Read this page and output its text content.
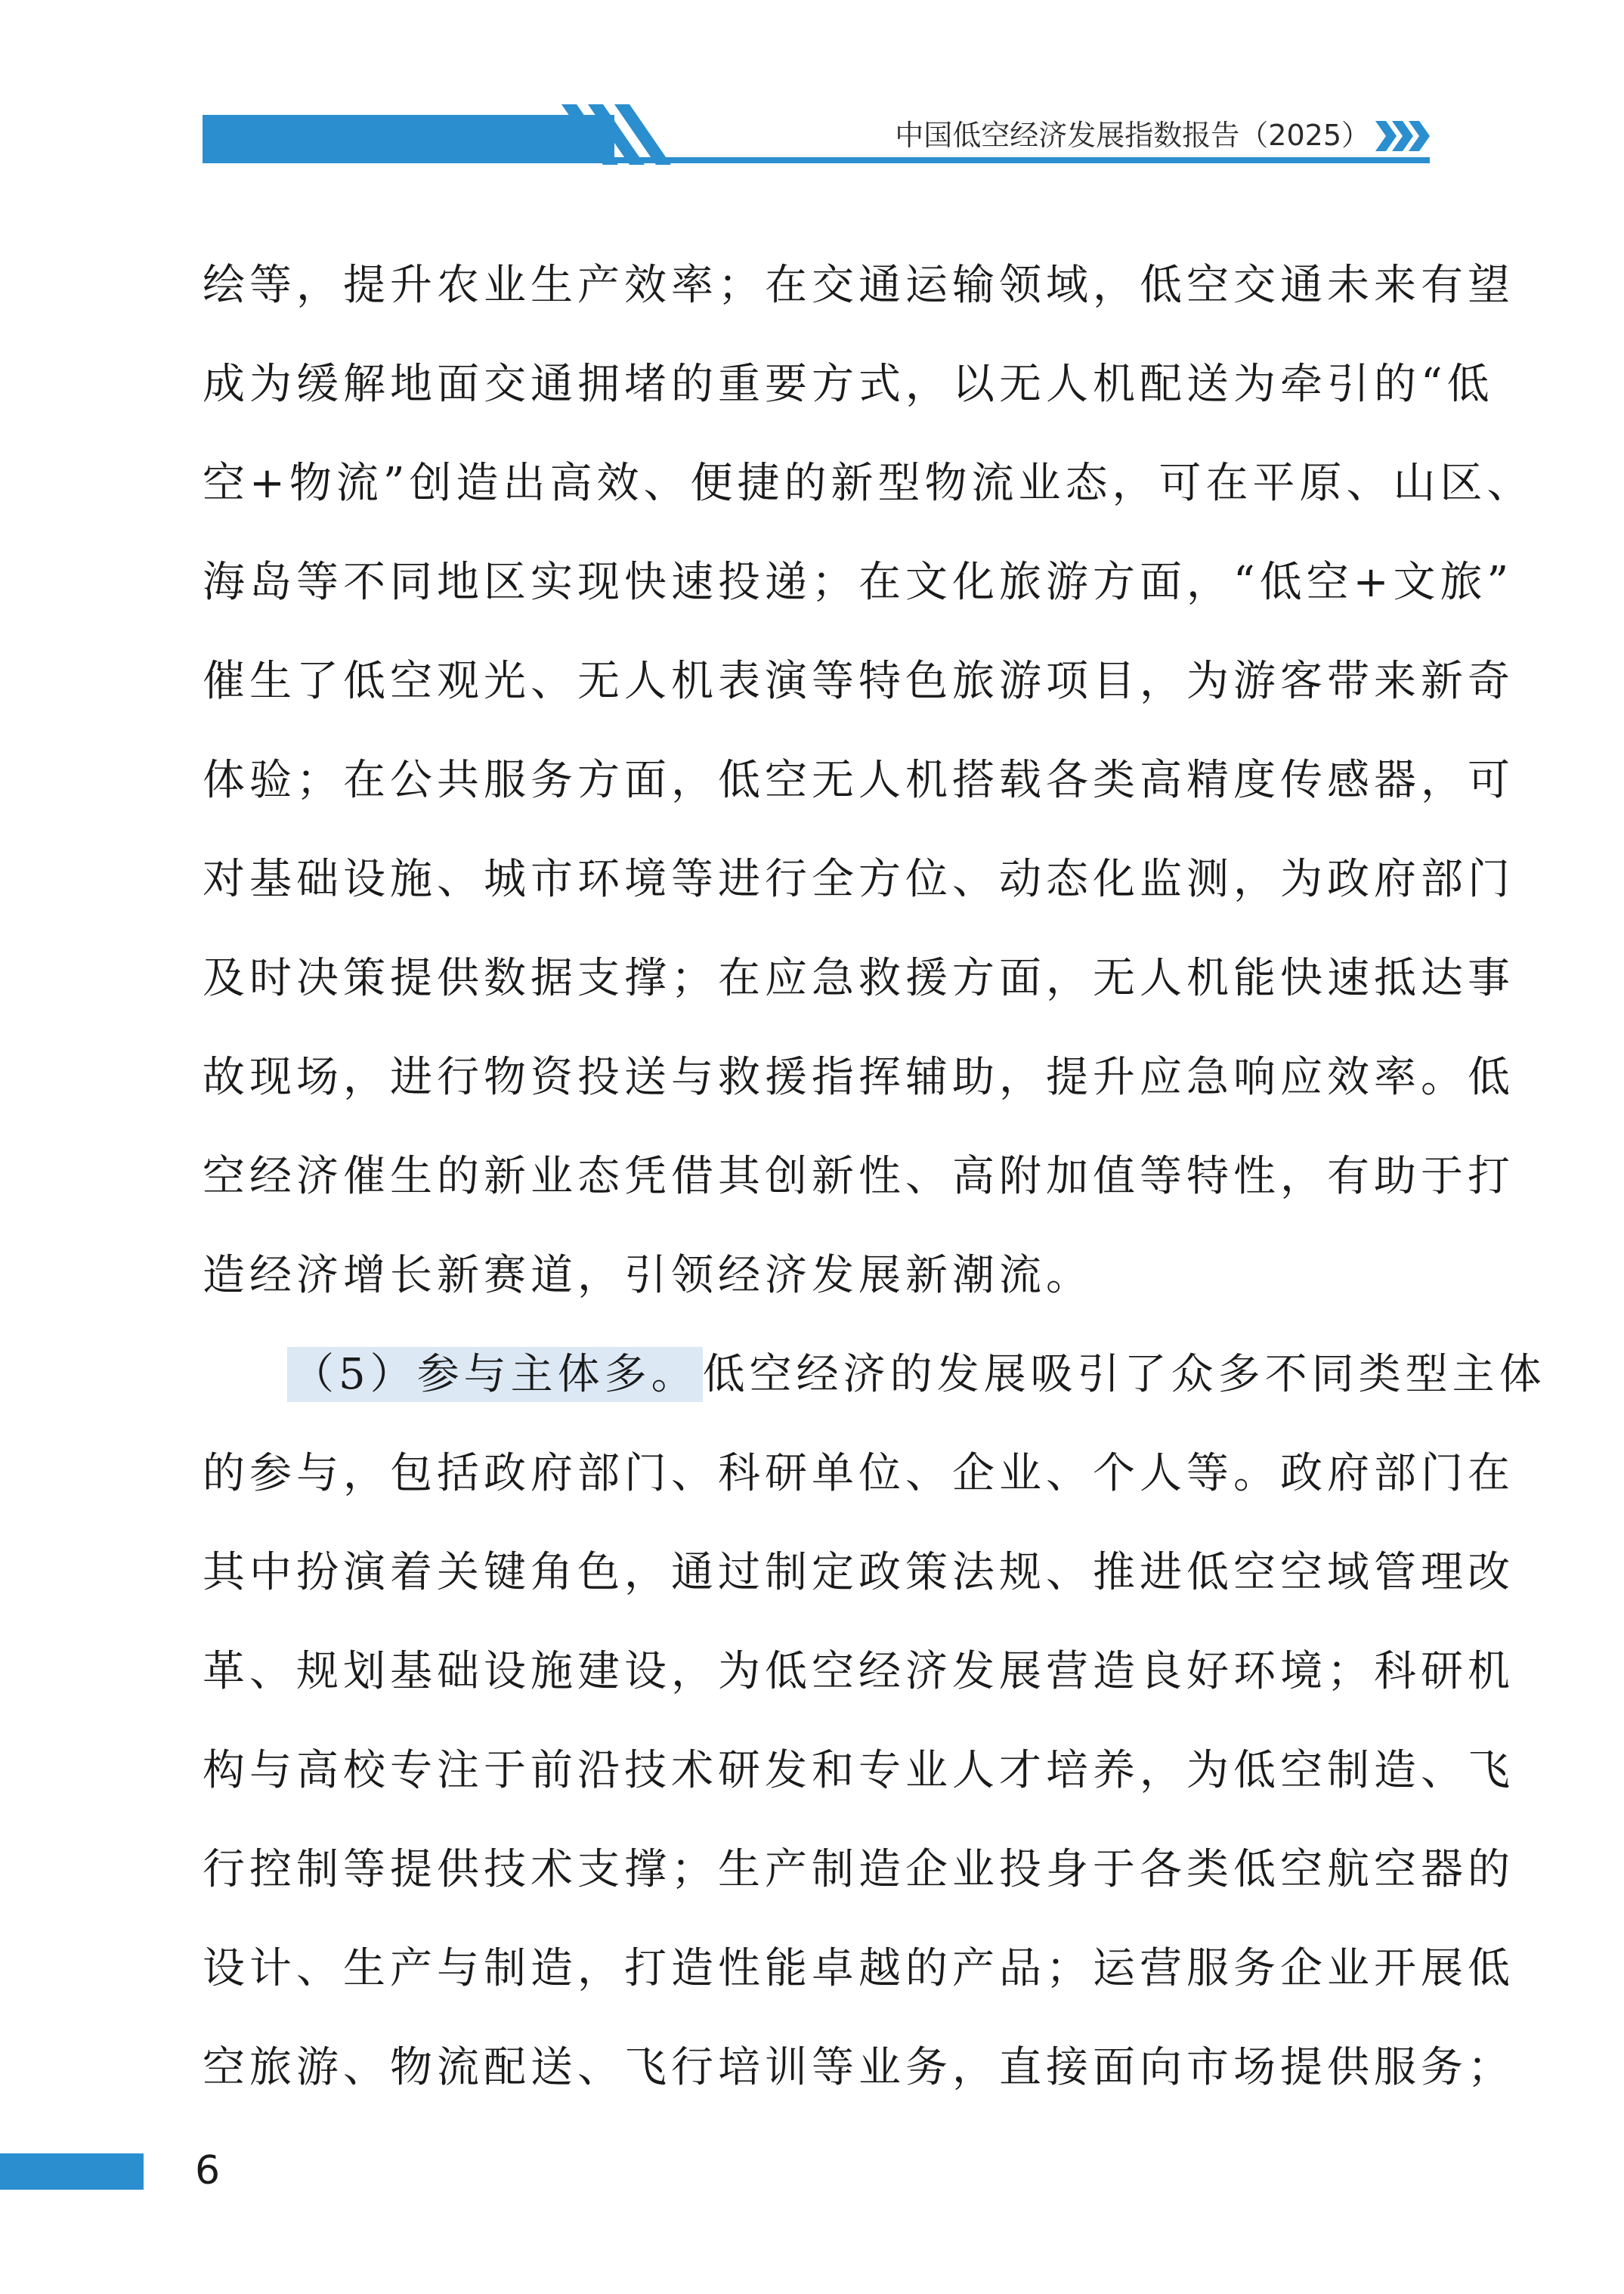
中国低空经济发展指数报告（2025）
绘等，提升农业生产效率；在交通运输领域，低空交通未来有望
成为缓解地面交通拥堵的重要方式，以无人机配送为牵引的“低
空+物流”创造出高效、便捷的新型物流业态，可在平原、山区、
海岛等不同地区实现快速投递；在文化旅游方面，“低空+文旅”
催生了低空观光、无人机表演等特色旅游项目，为游客带来新奇
体验；在公共服务方面，低空无人机搭载各类高精度传感器，可
对基础设施、城市环境等进行全方位、动态化监测，为政府部门
及时决策提供数据支撑；在应急救援方面，无人机能快速抵达事
故现场，进行物资投送与救援指挥辅助，提升应急响应效率。低
空经济催生的新业态凭借其创新性、高附加值等特性，有助于打
造经济增长新赛道，引领经济发展新潮流。
（5）参与主体多。 低空经济的发展吸引了众多不同类型主体
的参与，包括政府部门、科研单位、企业、个人等。政府部门在
其中扮演着关键角色，通过制定政策法规、推进低空空域管理改
革、规划基础设施建设，为低空经济发展营造良好环境；科研机
构与高校专注于前沿技术研发和专业人才培养，为低空制造、飞
行控制等提供技术支撑；生产制造企业投身于各类低空航空器的
设计、生产与制造，打造性能卓越的产品；运营服务企业开展低
空旅游、物流配送、飞行培训等业务，直接面向市场提供服务；
6
